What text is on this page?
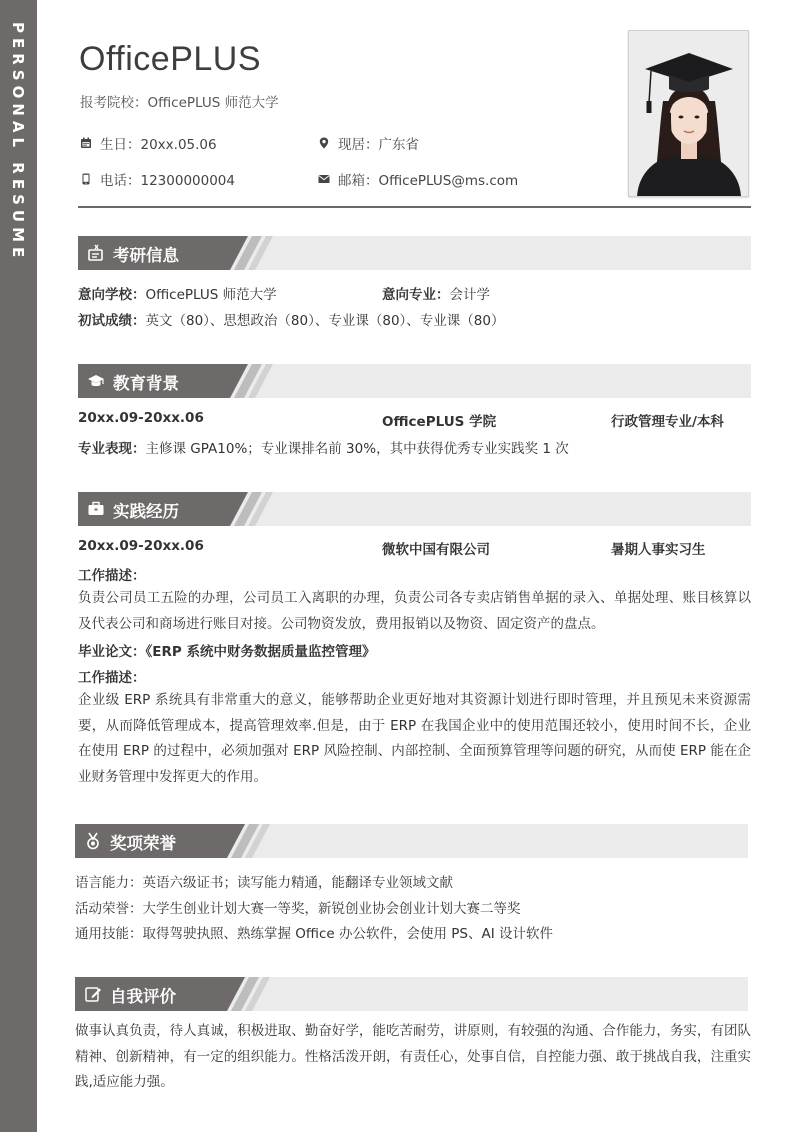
PERSONAL RESUME OfficePLUS
报考院校：OfficePLUS 师范大学
生日：20xx.05.06	现居：广东省
电话：12300000004	邮箱：OfficePLUS@ms.com
考研信息
意向学校：OfficePLUS 师范大学	意向专业：会计学
初试成绩：英文（80）、思想政治（80）、专业课（80）、专业课（80）
教育背景
20xx.09-20xx.06	OfficePLUS 学院	行政管理专业/本科
专业表现：主修课 GPA10%；专业课排名前 30%，其中获得优秀专业实践奖 1 次
实践经历
20xx.09-20xx.06	微软中国有限公司	暑期人事实习生
工作描述：
负责公司员工五险的办理，公司员工入离职的办理，负责公司各专卖店销售单据的录入、单据处理、账目核算以及代表公司和商场进行账目对接。公司物资发放，费用报销以及物资、固定资产的盘点。
毕业论文：《ERP 系统中财务数据质量监控管理》
工作描述：
企业级 ERP 系统具有非常重大的意义，能够帮助企业更好地对其资源计划进行即时管理，并且预见未来资源需要，从而降低管理成本，提高管理效率.但是，由于 ERP 在我国企业中的使用范围还较小，使用时间不长，企业在使用 ERP 的过程中，必须加强对 ERP 风险控制、内部控制、全面预算管理等问题的研究，从而使 ERP 能在企业财务管理中发挥更大的作用。
奖项荣誉
语言能力：英语六级证书；读写能力精通，能翻译专业领域文献
活动荣誉：大学生创业计划大赛一等奖，新锐创业协会创业计划大赛二等奖
通用技能：取得驾驶执照、熟练掌握 Office 办公软件，会使用 PS、AI 设计软件
自我评价
做事认真负责，待人真诚，积极进取、勤奋好学，能吃苦耐劳，讲原则，有较强的沟通、合作能力，务实，有团队精神、创新精神，有一定的组织能力。性格活泼开朗，有责任心，处事自信，自控能力强、敢于挑战自我，注重实践,适应能力强。
